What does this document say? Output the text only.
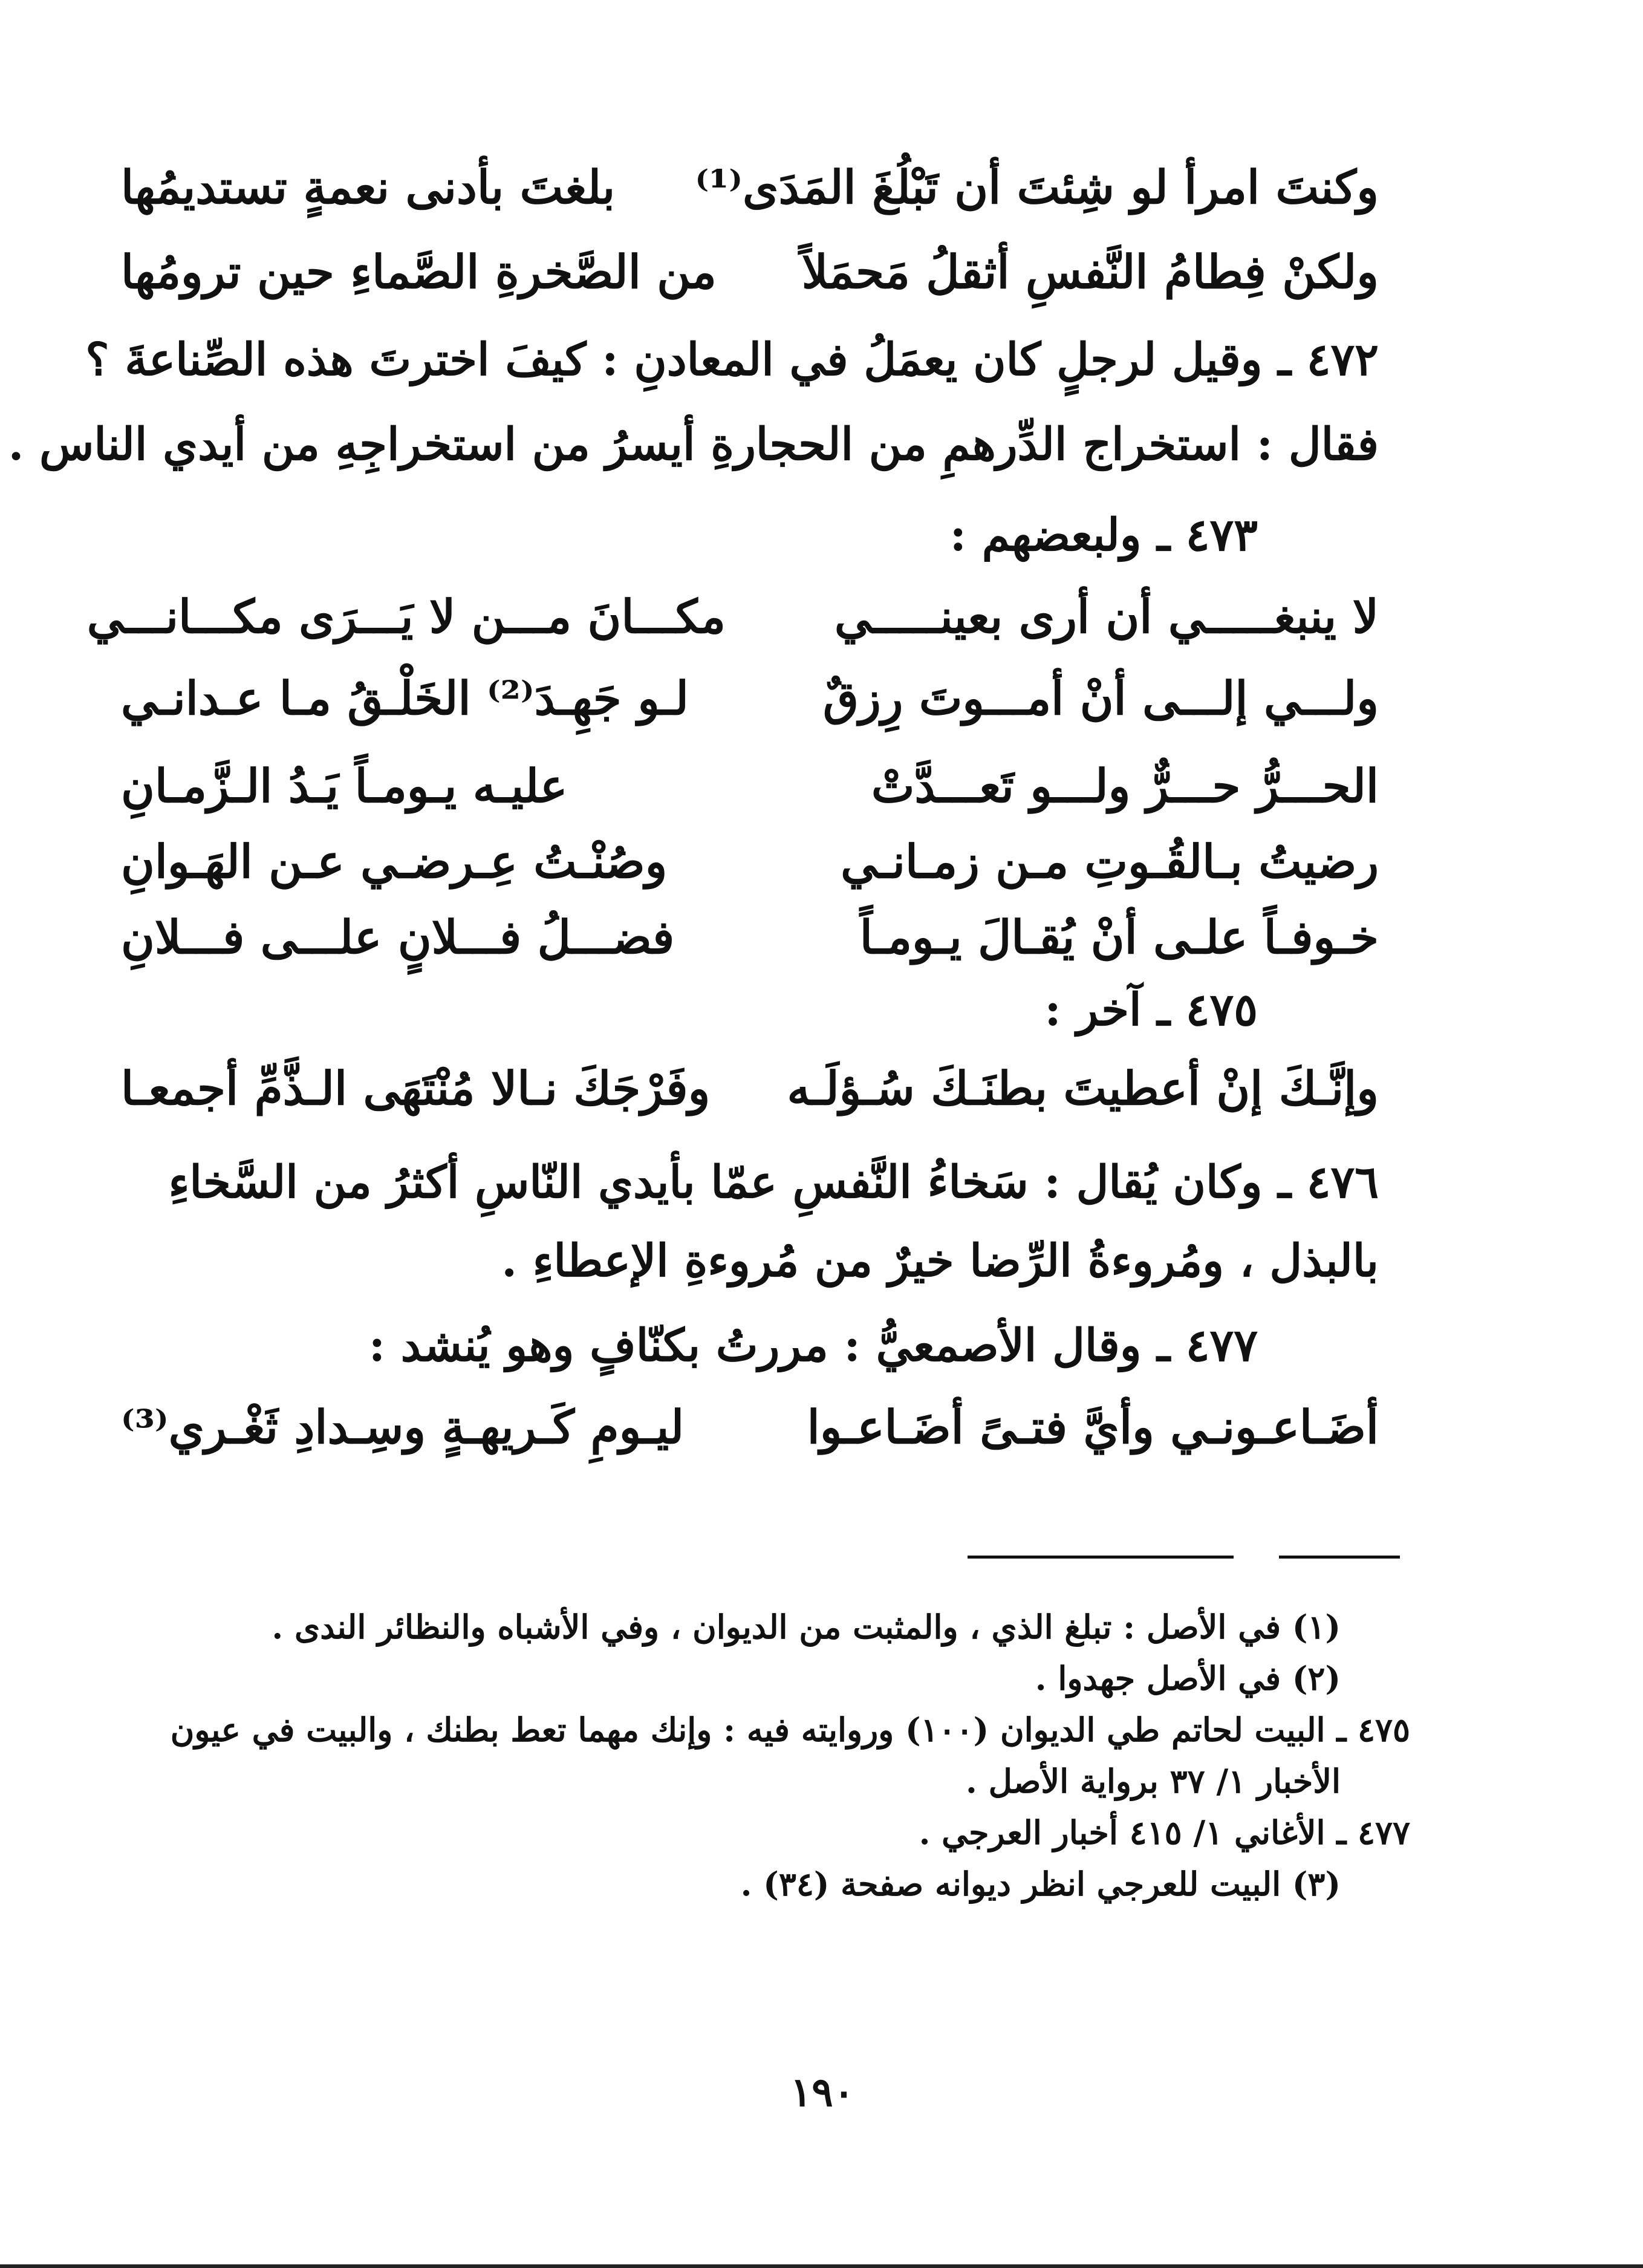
وكنتَ امرأ لو شِئتَ أن تَبْلُغَ المَدَى⁽¹⁾
بلغتَ بأدنى نعمةٍ تستديمُها
ولكنْ فِطامُ النَّفسِ أثقلُ مَحمَلاً
من الصَّخرةِ الصَّماءِ حين ترومُها
٤٧٢ ـ وقيل لرجلٍ كان يعمَلُ في المعادنِ : كيفَ اخترتَ هذه الصِّناعةَ ؟
فقال : استخراج الدِّرهمِ من الحجارةِ أيسرُ من استخراجِهِ من أيدي الناس .
٤٧٣ ـ ولبعضهم :
لا ينبغـــــي أن أرى بعينـــــي
مكـــانَ مـــن لا يَـــرَى مكـــانـــي
ولـــي إلـــى أنْ أمـــوتَ رِزقٌ
لـو جَهِـدَ⁽²⁾ الخَلْـقُ مـا عـدانـي
الحـــرُّ حـــرٌّ ولـــو تَعـــدَّتْ
عليـه يـومـاً يَـدُ الـزَّمـانِ
رضيتُ بـالقُـوتِ مـن زمـانـي
وصُنْـتُ عِـرضـي عـن الهَـوانِ
خـوفـاً علـى أنْ يُقـالَ يـومـاً
فضـــلُ فـــلانٍ علـــى فـــلانِ
٤٧٥ ـ آخر :
وإنَّـكَ إنْ أعطيتَ بطنَـكَ سُـؤلَـه
وفَرْجَكَ نـالا مُنْتَهَى الـذَّمِّ أجمعـا
٤٧٦ ـ وكان يُقال : سَخاءُ النَّفسِ عمّا بأيدي النّاسِ أكثرُ من السَّخاءِ
بالبذل ، ومُروءةُ الرِّضا خيرٌ من مُروءةِ الإعطاءِ .
٤٧٧ ـ وقال الأصمعيُّ : مررتُ بكنّافٍ وهو يُنشد :
أضَـاعـونـي وأيَّ فتـىً أضَـاعـوا
ليـومِ كَـريهـةٍ وسِـدادِ ثَغْـري⁽³⁾
(١) في الأصل : تبلغ الذي ، والمثبت من الديوان ، وفي الأشباه والنظائر الندى .
(٢) في الأصل جهدوا .
٤٧٥ ـ البيت لحاتم طي الديوان (١٠٠) وروايته فيه : وإنك مهما تعط بطنك ، والبيت في عيون
الأخبار ١/ ٣٧ برواية الأصل .
٤٧٧ ـ الأغاني ١/ ٤١٥ أخبار العرجي .
(٣) البيت للعرجي انظر ديوانه صفحة (٣٤) .
١٩٠
